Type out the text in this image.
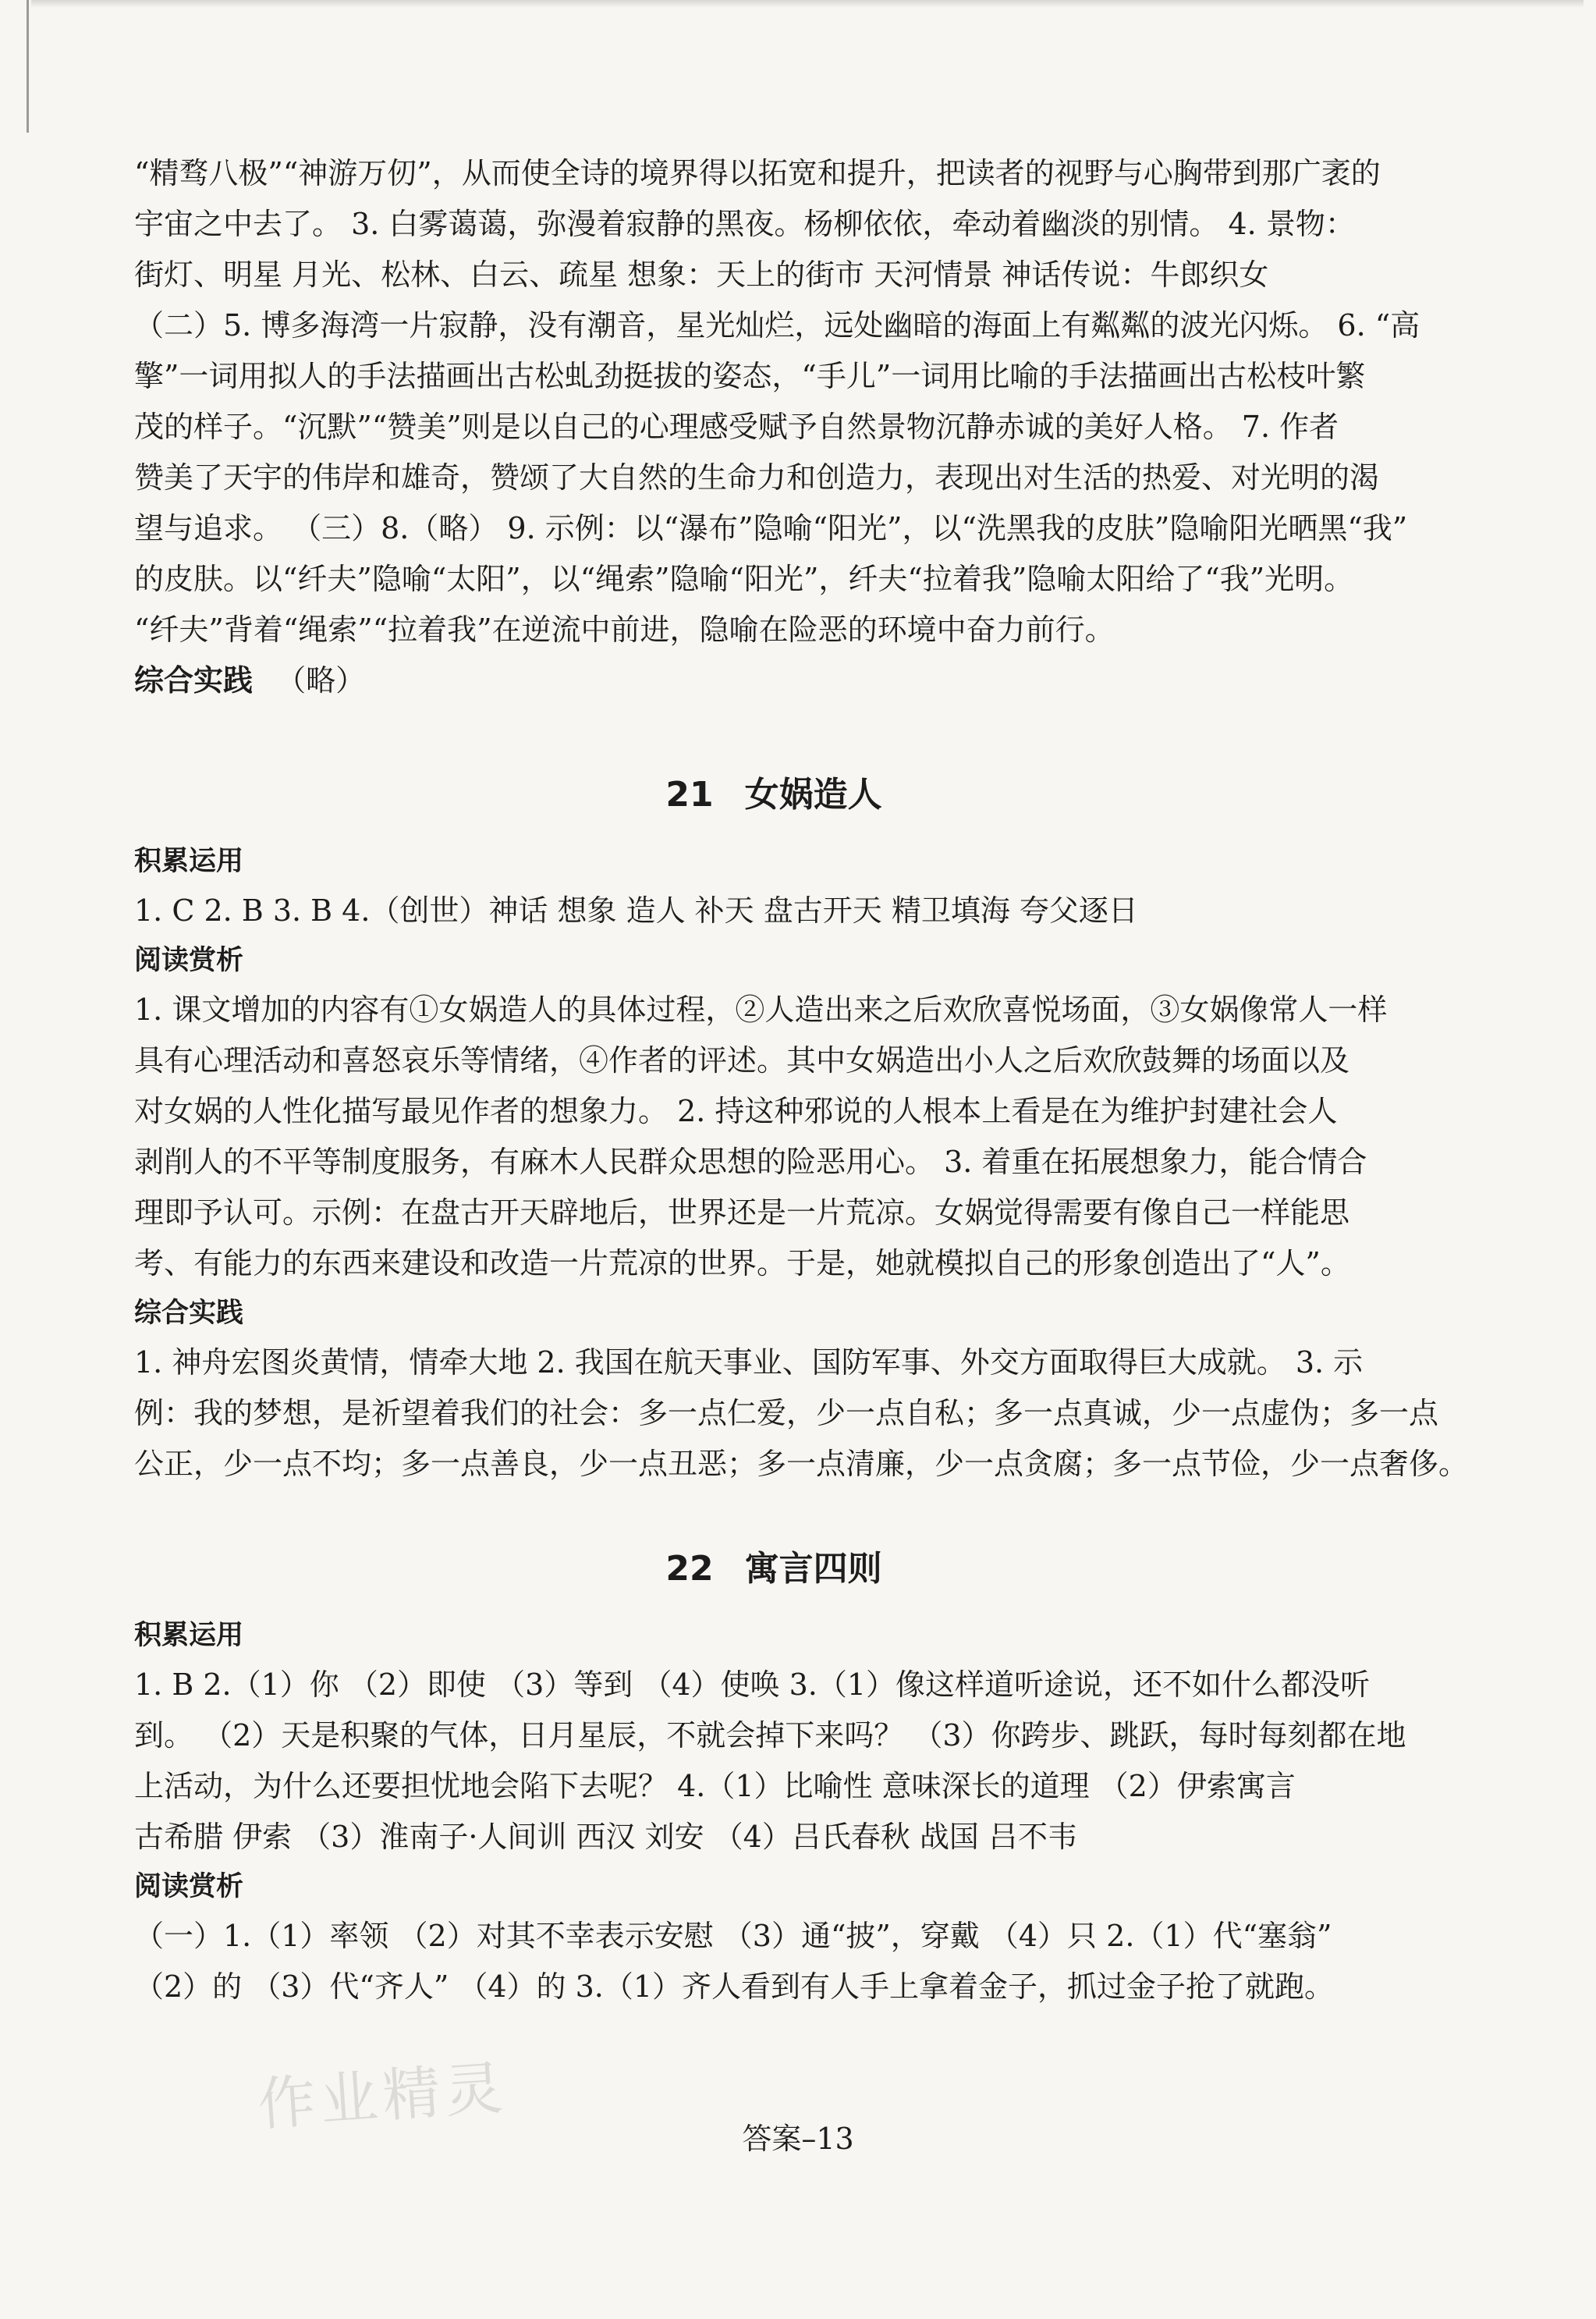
“精骛八极”“神游万仞”，从而使全诗的境界得以拓宽和提升，把读者的视野与心胸带到那广袤的
宇宙之中去了。 3. 白雾蔼蔼，弥漫着寂静的黑夜。杨柳依依，牵动着幽淡的别情。 4. 景物：
街灯、明星 月光、松林、白云、疏星 想象：天上的街市 天河情景 神话传说：牛郎织女
（二）5. 博多海湾一片寂静，没有潮音，星光灿烂，远处幽暗的海面上有粼粼的波光闪烁。 6. “高
擎”一词用拟人的手法描画出古松虬劲挺拔的姿态，“手儿”一词用比喻的手法描画出古松枝叶繁
茂的样子。“沉默”“赞美”则是以自己的心理感受赋予自然景物沉静赤诚的美好人格。 7. 作者
赞美了天宇的伟岸和雄奇，赞颂了大自然的生命力和创造力，表现出对生活的热爱、对光明的渴
望与追求。 （三）8.（略） 9. 示例：以“瀑布”隐喻“阳光”，以“洗黑我的皮肤”隐喻阳光晒黑“我”
的皮肤。以“纤夫”隐喻“太阳”，以“绳索”隐喻“阳光”，纤夫“拉着我”隐喻太阳给了“我”光明。
“纤夫”背着“绳索”“拉着我”在逆流中前进，隐喻在险恶的环境中奋力前行。
综合实践 （略）
21 女娲造人

积累运用

1. C 2. B 3. B 4.（创世）神话 想象 造人 补天 盘古开天 精卫填海 夸父逐日

阅读赏析

1. 课文增加的内容有①女娲造人的具体过程，②人造出来之后欢欣喜悦场面，③女娲像常人一样
具有心理活动和喜怒哀乐等情绪，④作者的评述。其中女娲造出小人之后欢欣鼓舞的场面以及
对女娲的人性化描写最见作者的想象力。 2. 持这种邪说的人根本上看是在为维护封建社会人
剥削人的不平等制度服务，有麻木人民群众思想的险恶用心。 3. 着重在拓展想象力，能合情合
理即予认可。示例：在盘古开天辟地后，世界还是一片荒凉。女娲觉得需要有像自己一样能思
考、有能力的东西来建设和改造一片荒凉的世界。于是，她就模拟自己的形象创造出了“人”。

综合实践

1. 神舟宏图炎黄情，情牵大地 2. 我国在航天事业、国防军事、外交方面取得巨大成就。 3. 示
例：我的梦想，是祈望着我们的社会：多一点仁爱，少一点自私；多一点真诚，少一点虚伪；多一点
公正，少一点不均；多一点善良，少一点丑恶；多一点清廉，少一点贪腐；多一点节俭，少一点奢侈。
22 寓言四则

积累运用

1. B 2.（1）你 （2）即使 （3）等到 （4）使唤 3.（1）像这样道听途说，还不如什么都没听
到。 （2）天是积聚的气体，日月星辰，不就会掉下来吗？ （3）你跨步、跳跃，每时每刻都在地
上活动，为什么还要担忧地会陷下去呢？ 4.（1）比喻性 意味深长的道理 （2）伊索寓言
古希腊 伊索 （3）淮南子·人间训 西汉 刘安 （4）吕氏春秋 战国 吕不韦

阅读赏析

（一）1.（1）率领 （2）对其不幸表示安慰 （3）通“披”，穿戴 （4）只 2.（1）代“塞翁”
（2）的 （3）代“齐人” （4）的 3.（1）齐人看到有人手上拿着金子，抓过金子抢了就跑。
作业精灵	答案–13
